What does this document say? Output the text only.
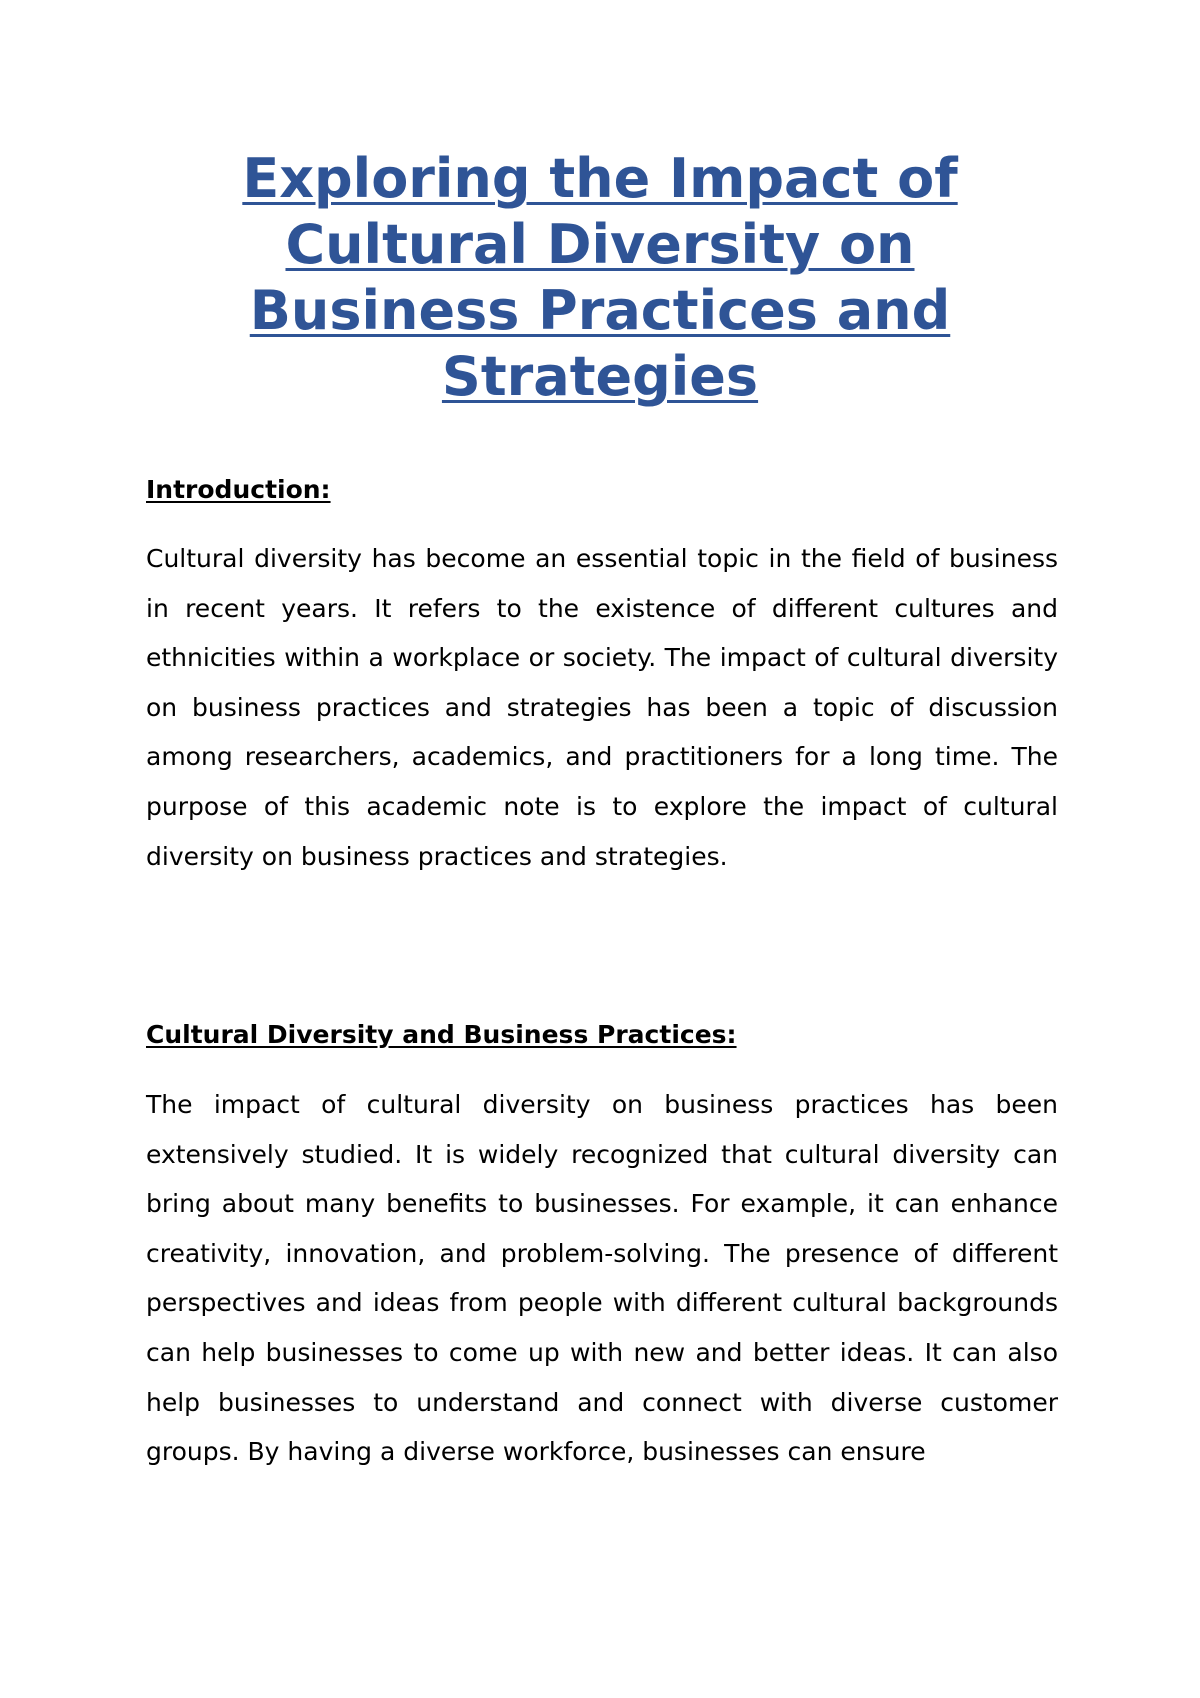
Exploring the Impact of Cultural Diversity on Business Practices and Strategies
Introduction:

Cultural diversity has become an essential topic in the field of business in recent years. It refers to the existence of different cultures and ethnicities within a workplace or society. The impact of cultural diversity on business practices and strategies has been a topic of discussion among researchers, academics, and practitioners for a long time. The purpose of this academic note is to explore the impact of cultural diversity on business practices and strategies.

Cultural Diversity and Business Practices:

The impact of cultural diversity on business practices has been extensively studied. It is widely recognized that cultural diversity can bring about many benefits to businesses. For example, it can enhance creativity, innovation, and problem-solving. The presence of different perspectives and ideas from people with different cultural backgrounds can help businesses to come up with new and better ideas. It can also help businesses to understand and connect with diverse customer groups. By having a diverse workforce, businesses can ensure
